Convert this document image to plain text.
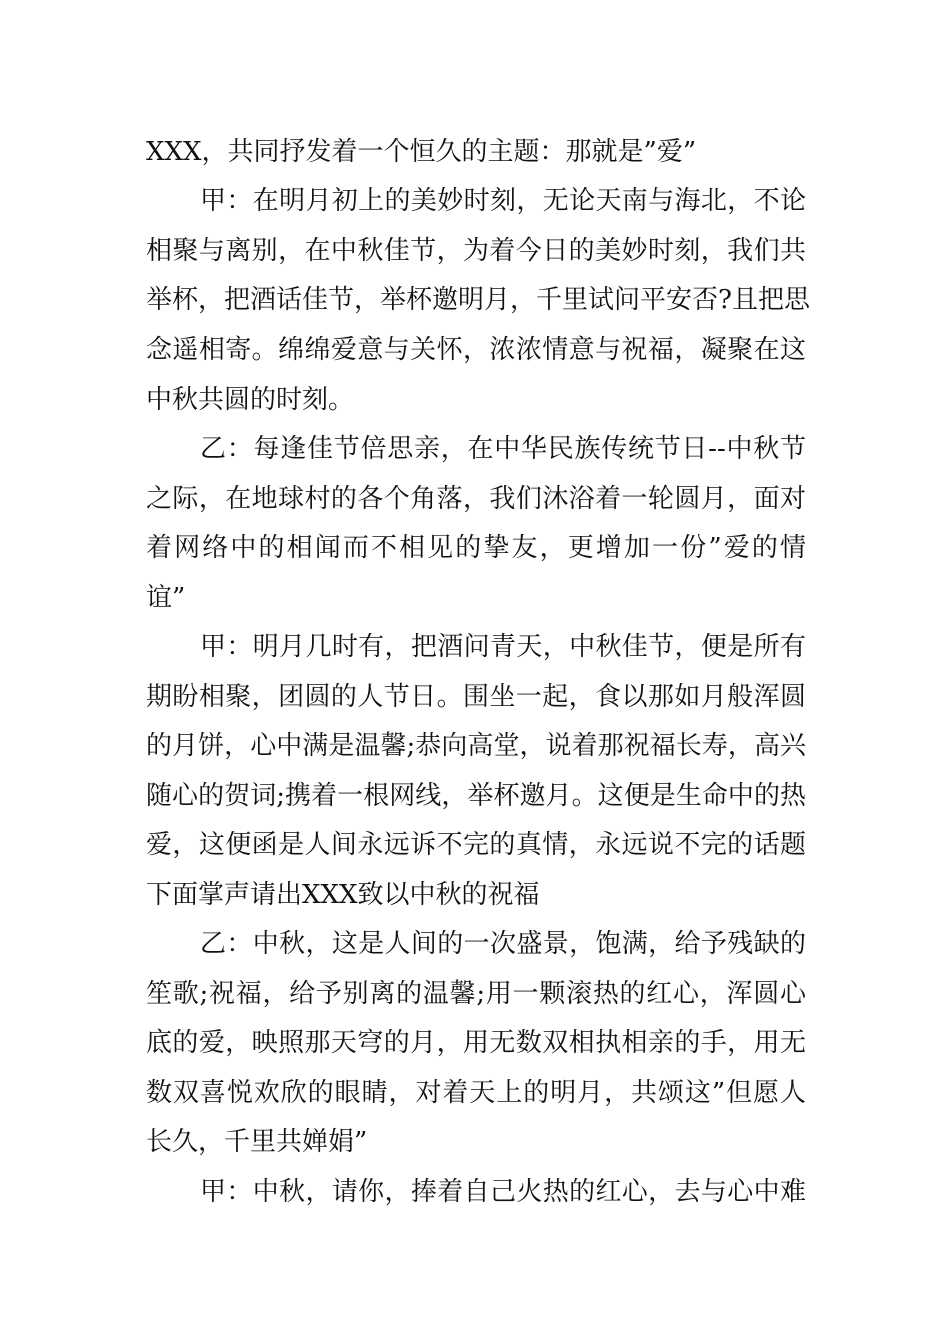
XXX，共同抒发着一个恒久的主题：那就是”爱”
甲：在明月初上的美妙时刻，无论天南与海北，不论
相聚与离别，在中秋佳节，为着今日的美妙时刻，我们共
举杯，把酒话佳节，举杯邀明月，千里试问平安否?且把思
念遥相寄。绵绵爱意与关怀，浓浓情意与祝福，凝聚在这
中秋共圆的时刻。
乙：每逢佳节倍思亲，在中华民族传统节日--中秋节
之际，在地球村的各个角落，我们沐浴着一轮圆月，面对
着网络中的相闻而不相见的挚友，更增加一份”爱的情
谊”
甲：明月几时有，把酒问青天，中秋佳节，便是所有
期盼相聚，团圆的人节日。围坐一起，食以那如月般浑圆
的月饼，心中满是温馨;恭向高堂，说着那祝福长寿，高兴
随心的贺词;携着一根网线，举杯邀月。这便是生命中的热
爱，这便函是人间永远诉不完的真情，永远说不完的话题
下面掌声请出XXX致以中秋的祝福
乙：中秋，这是人间的一次盛景，饱满，给予残缺的
笙歌;祝福，给予别离的温馨;用一颗滚热的红心，浑圆心
底的爱，映照那天穹的月，用无数双相执相亲的手，用无
数双喜悦欢欣的眼睛，对着天上的明月，共颂这”但愿人
长久，千里共婵娟”
甲：中秋，请你，捧着自己火热的红心，去与心中难
